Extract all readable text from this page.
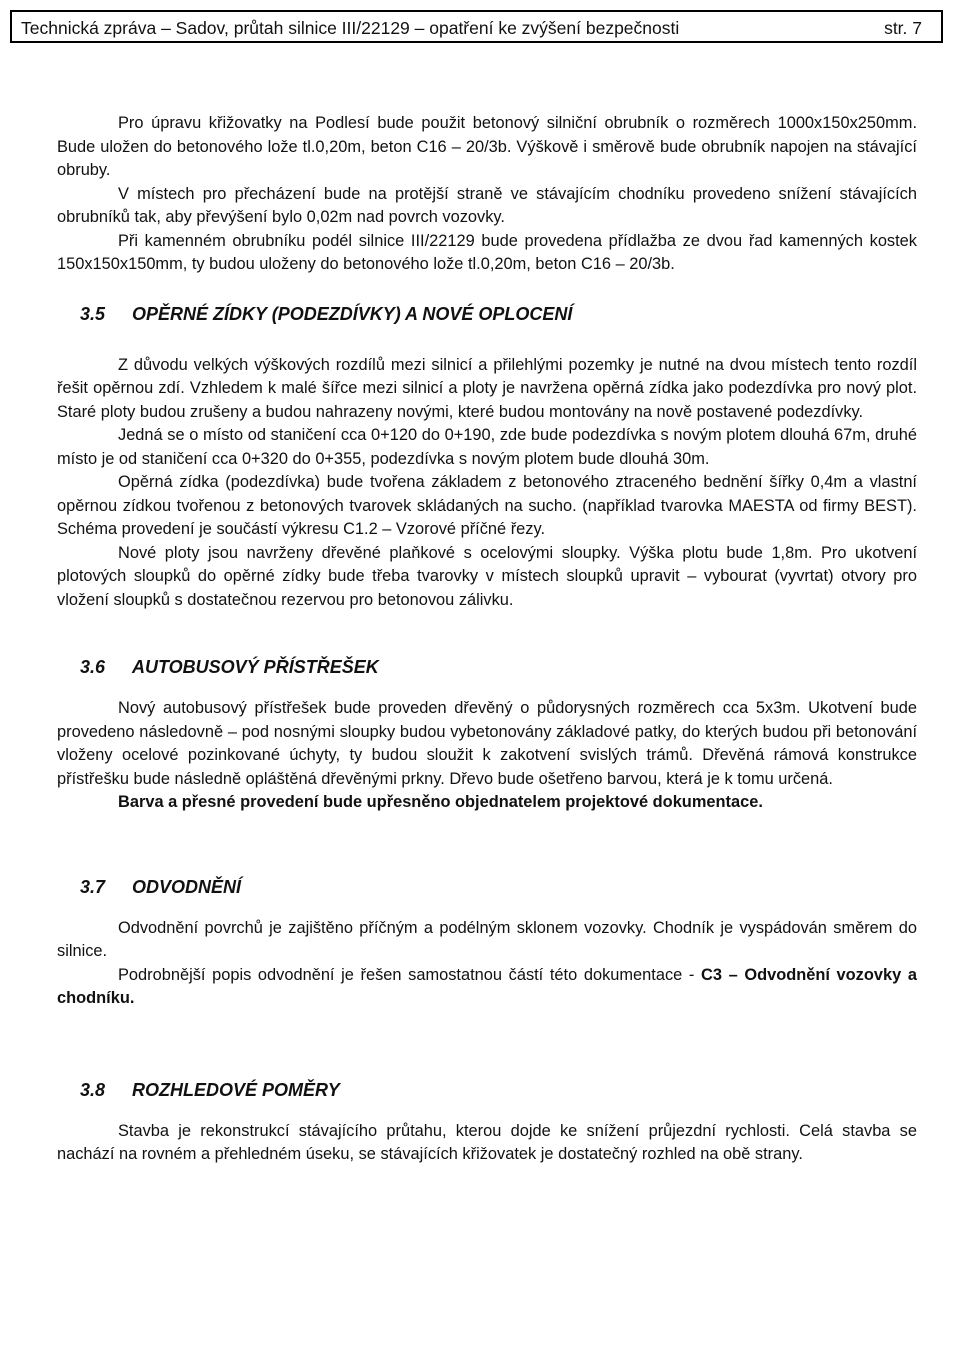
Technická zpráva – Sadov, průtah silnice III/22129 – opatření ke zvýšení bezpečnosti	str. 7

Pro úpravu křižovatky na Podlesí bude použit betonový silniční obrubník o rozměrech 1000x150x250mm. Bude uložen do betonového lože tl.0,20m, beton C16 – 20/3b. Výškově i směrově bude obrubník napojen na stávající obruby.

V místech pro přecházení bude na protější straně ve stávajícím chodníku provedeno snížení stávajících obrubníků tak, aby převýšení bylo 0,02m nad povrch vozovky.

Při kamenném obrubníku podél silnice III/22129 bude provedena přídlažba ze dvou řad kamenných kostek 150x150x150mm, ty budou uloženy do betonového lože tl.0,20m, beton C16 – 20/3b.

3.5 OPĚRNÉ ZÍDKY (PODEZDÍVKY) A NOVÉ OPLOCENÍ

Z důvodu velkých výškových rozdílů mezi silnicí a přilehlými pozemky je nutné na dvou místech tento rozdíl řešit opěrnou zdí. Vzhledem k malé šířce mezi silnicí a ploty je navržena opěrná zídka jako podezdívka pro nový plot. Staré ploty budou zrušeny a budou nahrazeny novými, které budou montovány na nově postavené podezdívky.

Jedná se o místo od staničení cca 0+120 do 0+190, zde bude podezdívka s novým plotem dlouhá 67m, druhé místo je od staničení cca 0+320 do 0+355, podezdívka s novým plotem bude dlouhá 30m.

Opěrná zídka (podezdívka) bude tvořena základem z betonového ztraceného bednění šířky 0,4m a vlastní opěrnou zídkou tvořenou z betonových tvarovek skládaných na sucho. (například tvarovka MAESTA od firmy BEST). Schéma provedení je součástí výkresu C1.2 – Vzorové příčné řezy.

Nové ploty jsou navrženy dřevěné plaňkové s ocelovými sloupky. Výška plotu bude 1,8m. Pro ukotvení plotových sloupků do opěrné zídky bude třeba tvarovky v místech sloupků upravit – vybourat (vyvrtat) otvory pro vložení sloupků s dostatečnou rezervou pro betonovou zálivku.

3.6 AUTOBUSOVÝ PŘÍSTŘEŠEK

Nový autobusový přístřešek bude proveden dřevěný o půdorysných rozměrech cca 5x3m. Ukotvení bude provedeno následovně – pod nosnými sloupky budou vybetonovány základové patky, do kterých budou při betonování vloženy ocelové pozinkované úchyty, ty budou sloužit k zakotvení svislých trámů. Dřevěná rámová konstrukce přístřešku bude následně opláštěná dřevěnými prkny. Dřevo bude ošetřeno barvou, která je k tomu určená.

Barva a přesné provedení bude upřesněno objednatelem projektové dokumentace.

3.7 ODVODNĚNÍ

Odvodnění povrchů je zajištěno příčným a podélným sklonem vozovky. Chodník je vyspádován směrem do silnice.

Podrobnější popis odvodnění je řešen samostatnou částí této dokumentace - C3 – Odvodnění vozovky a chodníku.

3.8 ROZHLEDOVÉ POMĚRY

Stavba je rekonstrukcí stávajícího průtahu, kterou dojde ke snížení průjezdní rychlosti. Celá stavba se nachází na rovném a přehledném úseku, se stávajících křižovatek je dostatečný rozhled na obě strany.
